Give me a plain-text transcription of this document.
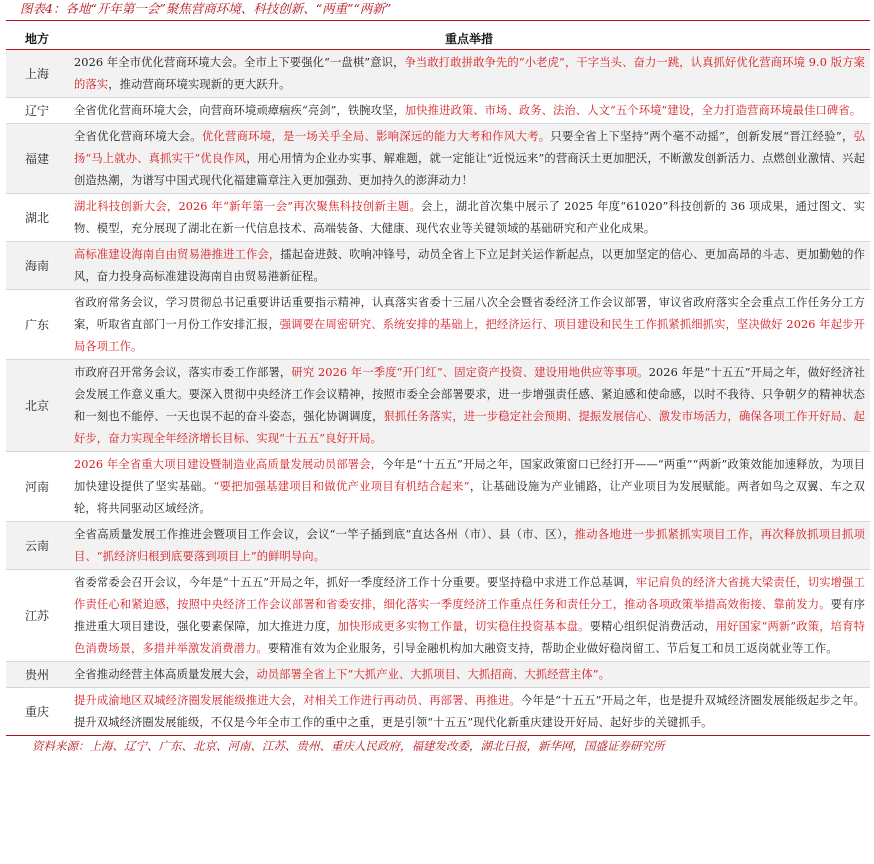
图表4：各地“开年第一会”聚焦营商环境、科技创新、“两重”“两新”
地方	重点举措
上海	2026 年全市优化营商环境大会。全市上下要强化“一盘棋”意识，争当敢打敢拼敢争先的“小老虎”，干字当头、奋力一跳，认真抓好优化营商环境 9.0 版方案的落实，推动营商环境实现新的更大跃升。
辽宁	全省优化营商环境大会，向营商环境顽瘴痼疾“亮剑”，铁腕攻坚，加快推进政策、市场、政务、法治、人文“五个环境”建设，全力打造营商环境最佳口碑省。
福建	全省优化营商环境大会。优化营商环境，是一场关乎全局、影响深远的能力大考和作风大考。只要全省上下坚持“两个毫不动摇”，创新发展“晋江经验”，弘扬“马上就办、真抓实干”优良作风，用心用情为企业办实事、解难题，就一定能让“近悦远来”的营商沃土更加肥沃，不断激发创新活力、点燃创业激情、兴起创造热潮，为谱写中国式现代化福建篇章注入更加强劲、更加持久的澎湃动力！
湖北	湖北科技创新大会，2026 年“新年第一会”再次聚焦科技创新主题。会上，湖北首次集中展示了 2025 年度“61020”科技创新的 36 项成果，通过图文、实物、模型，充分展现了湖北在新一代信息技术、高端装备、大健康、现代农业等关键领域的基础研究和产业化成果。
海南	高标准建设海南自由贸易港推进工作会，擂起奋进鼓、吹响冲锋号，动员全省上下立足封关运作新起点，以更加坚定的信心、更加高昂的斗志、更加勤勉的作风，奋力投身高标准建设海南自由贸易港新征程。
广东	省政府常务会议，学习贯彻总书记重要讲话重要指示精神，认真落实省委十三届八次全会暨省委经济工作会议部署，审议省政府落实全会重点工作任务分工方案，听取省直部门一月份工作安排汇报，强调要在周密研究、系统安排的基础上，把经济运行、项目建设和民生工作抓紧抓细抓实，坚决做好 2026 年起步开局各项工作。
北京	市政府召开常务会议，落实市委工作部署，研究 2026 年一季度“开门红”、固定资产投资、建设用地供应等事项。2026 年是“十五五”开局之年，做好经济社会发展工作意义重大。要深入贯彻中央经济工作会议精神，按照市委全会部署要求，进一步增强责任感、紧迫感和使命感，以时不我待、只争朝夕的精神状态和一刻也不能停、一天也误不起的奋斗姿态，强化协调调度，狠抓任务落实，进一步稳定社会预期、提振发展信心、激发市场活力，确保各项工作开好局、起好步，奋力实现全年经济增长目标、实现“十五五”良好开局。
河南	2026 年全省重大项目建设暨制造业高质量发展动员部署会，今年是“十五五”开局之年，国家政策窗口已经打开——“两重”“两新”政策效能加速释放，为项目加快建设提供了坚实基础。“要把加强基建项目和做优产业项目有机结合起来”，让基础设施为产业铺路，让产业项目为发展赋能。两者如鸟之双翼、车之双轮，将共同驱动区域经济。
云南	全省高质量发展工作推进会暨项目工作会议，会议“一竿子插到底”直达各州（市）、县（市、区），推动各地进一步抓紧抓实项目工作，再次释放抓项目抓项目、“抓经济归根到底要落到项目上”的鲜明导向。
江苏	省委常委会召开会议，今年是“十五五”开局之年，抓好一季度经济工作十分重要。要坚持稳中求进工作总基调，牢记肩负的经济大省挑大梁责任，切实增强工作责任心和紧迫感，按照中央经济工作会议部署和省委安排，细化落实一季度经济工作重点任务和责任分工，推动各项政策举措高效衔接、靠前发力。要有序推进重大项目建设，强化要素保障，加大推进力度，加快形成更多实物工作量，切实稳住投资基本盘。要精心组织促消费活动，用好国家“两新”政策，培育特色消费场景，多措并举激发消费潜力。要精准有效为企业服务，引导金融机构加大融资支持，帮助企业做好稳岗留工、节后复工和员工返岗就业等工作。
贵州	全省推动经营主体高质量发展大会，动员部署全省上下“大抓产业、大抓项目、大抓招商、大抓经营主体”。
重庆	提升成渝地区双城经济圈发展能级推进大会，对相关工作进行再动员、再部署、再推进。今年是“十五五”开局之年，也是提升双城经济圈发展能级起步之年。提升双城经济圈发展能级，不仅是今年全市工作的重中之重，更是引领“十五五”现代化新重庆建设开好局、起好步的关键抓手。
资料来源：上海、辽宁、广东、北京、河南、江苏、贵州、重庆人民政府，福建发改委，湖北日报，新华网，国盛证券研究所
